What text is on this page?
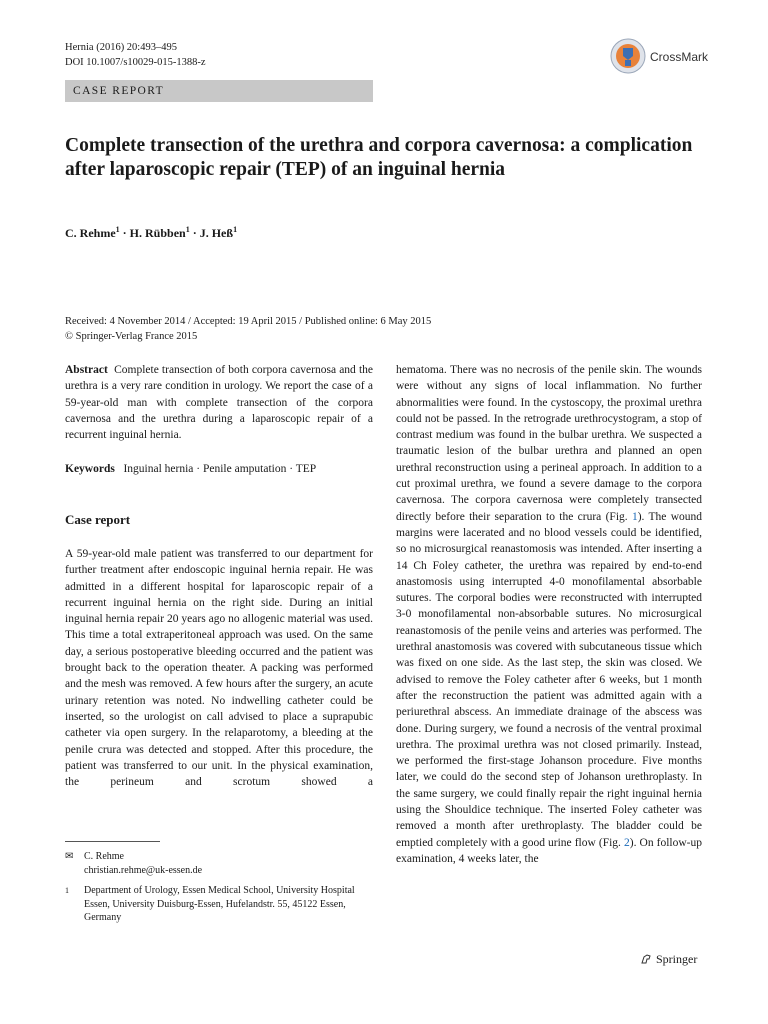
Hernia (2016) 20:493–495
DOI 10.1007/s10029-015-1388-z	CrossMark
CASE REPORT
Complete transection of the urethra and corpora cavernosa: a complication after laparoscopic repair (TEP) of an inguinal hernia
C. Rehme$^1$ · H. Rübben$^1$ · J. Heß$^1$
Received: 4 November 2014 / Accepted: 19 April 2015 / Published online: 6 May 2015
© Springer-Verlag France 2015

Abstract Complete transection of both corpora cavernosa and the urethra is a very rare condition in urology. We report the case of a 59-year-old man with complete transection of the corpora cavernosa and the urethra during a laparoscopic repair of a recurrent inguinal hernia.

Keywords Inguinal hernia · Penile amputation · TEP
Case report

A 59-year-old male patient was transferred to our department for further treatment after endoscopic inguinal hernia repair. He was admitted in a different hospital for laparoscopic repair of a recurrent inguinal hernia on the right side. During an initial inguinal hernia repair 20 years ago no allogenic material was used. This time a total extraperitoneal approach was used. On the same day, a serious postoperative bleeding occurred and the patient was brought back to the operation theater. A packing was performed and the mesh was removed. A few hours after the surgery, an acute urinary retention was noted. No indwelling catheter could be inserted, so the urologist on call advised to place a suprapubic catheter via open surgery. In the relaparotomy, a bleeding at the penile crura was detected and stopped. After this procedure, the patient was transferred to our unit. In the physical examination, the perineum and scrotum showed a

hematoma. There was no necrosis of the penile skin. The wounds were without any signs of local inflammation. No further abnormalities were found. In the cystoscopy, the proximal urethra could not be passed. In the retrograde urethrocystogram, a stop of contrast medium was found in the bulbar urethra. We suspected a traumatic lesion of the bulbar urethra and planned an open urethral reconstruction using a perineal approach. In addition to a cut proximal urethra, we found a severe damage to the corpora cavernosa. The corpora cavernosa were completely transected directly before their separation to the crura (Fig. 1). The wound margins were lacerated and no blood vessels could be identified, so no microsurgical reanastomosis was intended. After inserting a 14 Ch Foley catheter, the urethra was repaired by end-to-end anastomosis using interrupted 4-0 monofilamental absorbable sutures. The corporal bodies were reconstructed with interrupted 3-0 monofilamental non-absorbable sutures. No microsurgical reanastomosis of the penile veins and arteries was performed. The urethral anastomosis was covered with subcutaneous tissue which was fixed on one side. As the last step, the skin was closed. We advised to remove the Foley catheter after 6 weeks, but 1 month after the reconstruction the patient was admitted again with a periurethral abscess. An immediate drainage of the abscess was done. During surgery, we found a necrosis of the ventral proximal urethra. The proximal urethra was not closed primarily. Instead, we performed the first-stage Johanson procedure. Five months later, we could do the second step of Johanson urethroplasty. In the same surgery, we could finally repair the right inguinal hernia using the Shouldice technique. The inserted Foley catheter was removed a month after urethroplasty. The bladder could be emptied completely with a good urine flow (Fig. 2). On follow-up examination, 4 weeks later, the

✉ C. Rehme
christian.rehme@uk-essen.de
1 Department of Urology, Essen Medical School, University Hospital Essen, University Duisburg-Essen, Hufelandstr. 55, 45122 Essen, Germany
Springer
